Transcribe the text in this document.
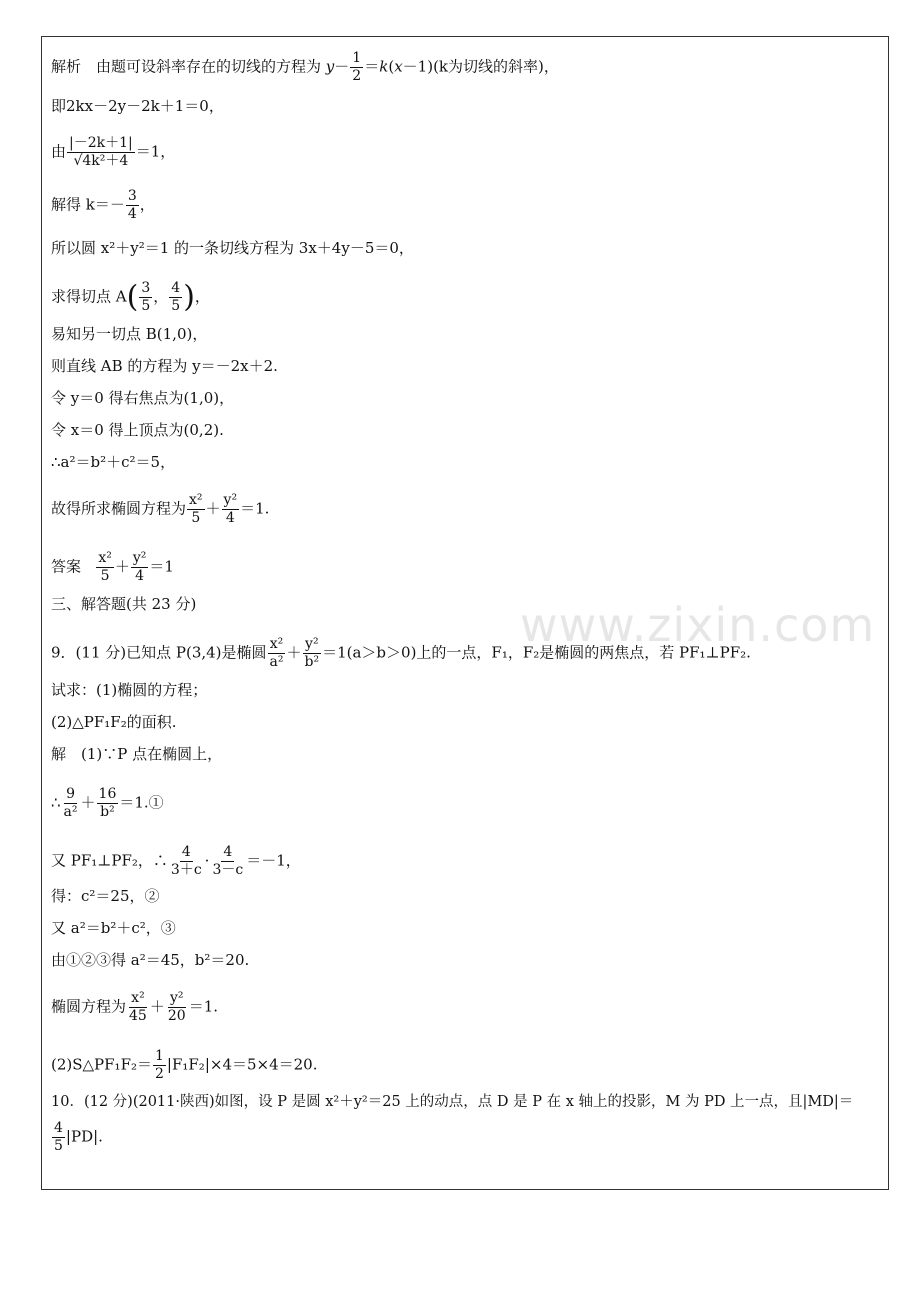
www.zixin.com
解析　由题可设斜率存在的切线的方程为 $y- \frac{1}{2} =k(x-1)(k$为切线的斜率)，
即2kx－2y－2k＋1＝0，
由 $\frac{|-2k+1|}{\text{√4k²＋4}} =1$，
解得 $k=- \frac{3}{4}$ ，
所以圆 x²＋y²＝1 的一条切线方程为 3x＋4y－5＝0，
求得切点 $A( \frac{3}{5}$ ， $\frac{4}{5}$ )，
易知另一切点 B(1,0)，
则直线 AB 的方程为 y＝－2x＋2.
令 y＝0 得右焦点为(1,0)，
令 x＝0 得上顶点为(0,2).
∴a²＝b²＋c²＝5，
故得所求椭圆方程为 $\frac{\text{x²}}{5} + \frac{\text{y²}}{4} =1$.
答案 $\frac{\text{x²}}{5} + \frac{\text{y²}}{4} =1$
三、解答题(共 23 分)
9．(11 分)已知点 P(3,4)是椭圆 $\frac{\text{x²}}{\text{a²}} + \frac{\text{y²}}{\text{b²}} =1(a>b>0)$上的一点，F₁，F₂是椭圆的两焦点，若 PF₁⊥PF₂.
试求：(1)椭圆的方程；
(2)△PF₁F₂的面积.
解　(1)∵P 点在椭圆上，
∴ $\frac{9}{\text{a²}} + \frac{16}{\text{b²}}$ ＝1.①
又 PF₁⊥PF₂，∴ $\frac{4}{3+c} \cdot \frac{4}{3-c} =-1$，
得：c²＝25，②
又 a²＝b²＋c²，③
由①②③得 a²＝45，b²＝20.
椭圆方程为 $\frac{\text{x²}}{45} + \frac{\text{y²}}{20} =1$.
(2)S△PF₁F₂＝ $\frac{1}{2} |F_1F_2|\times 4=5\times 4=20$.
10．(12 分)(2011·陕西)如图，设 P 是圆 x²＋y²＝25 上的动点，点 D 是 P 在 x 轴上的投影，M 为 PD 上一点，且|MD|＝
$\frac{4}{5} |PD|$.
